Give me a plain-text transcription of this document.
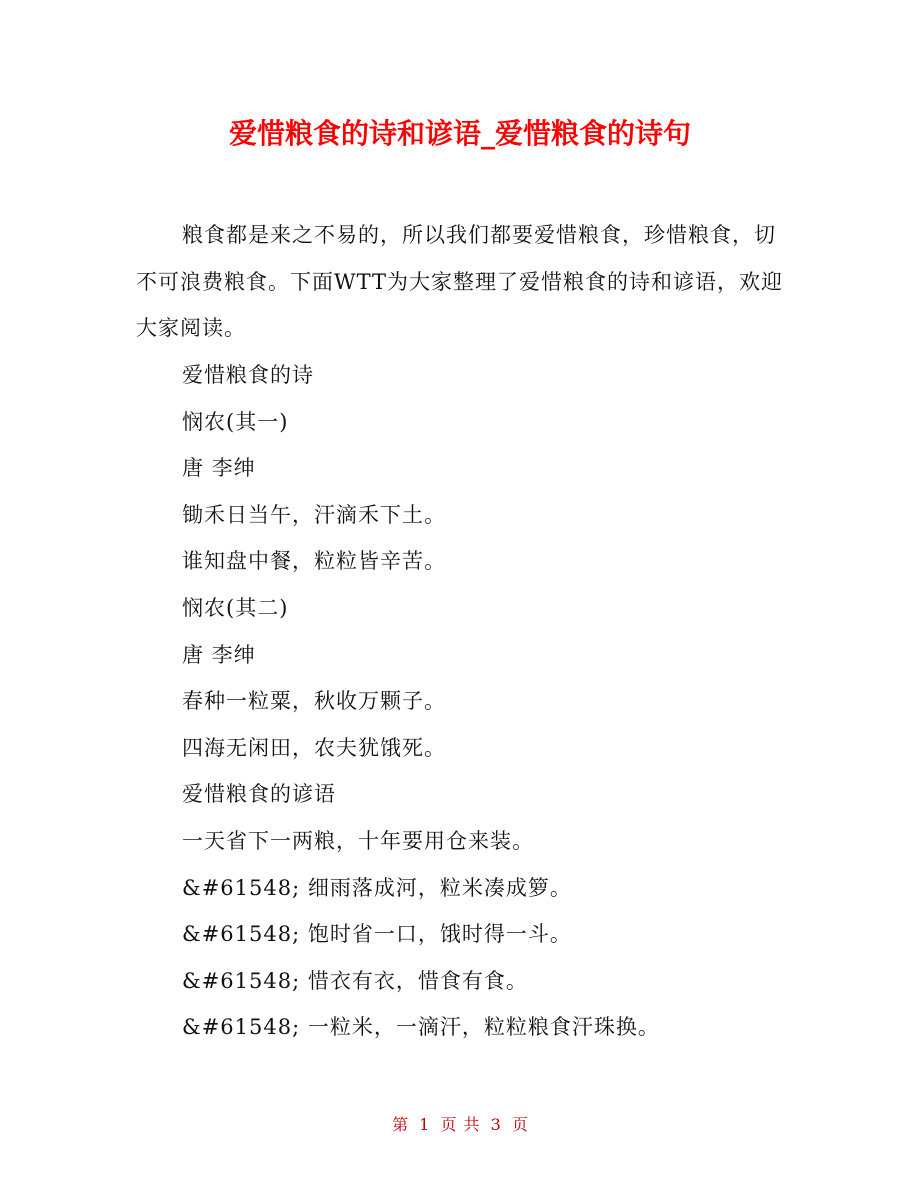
爱惜粮食的诗和谚语_爱惜粮食的诗句
粮食都是来之不易的，所以我们都要爱惜粮食，珍惜粮食，切不可浪费粮食。下面WTT为大家整理了爱惜粮食的诗和谚语，欢迎大家阅读。
爱惜粮食的诗
悯农(其一)
唐 李绅
锄禾日当午，汗滴禾下土。
谁知盘中餐，粒粒皆辛苦。
悯农(其二)
唐 李绅
春种一粒粟，秋收万颗子。
四海无闲田，农夫犹饿死。
爱惜粮食的谚语
一天省下一两粮，十年要用仓来装。
&#61548; 细雨落成河，粒米凑成箩。
&#61548; 饱时省一口，饿时得一斗。
&#61548; 惜衣有衣，惜食有食。
&#61548; 一粒米，一滴汗，粒粒粮食汗珠换。
第 1 页 共 3 页
